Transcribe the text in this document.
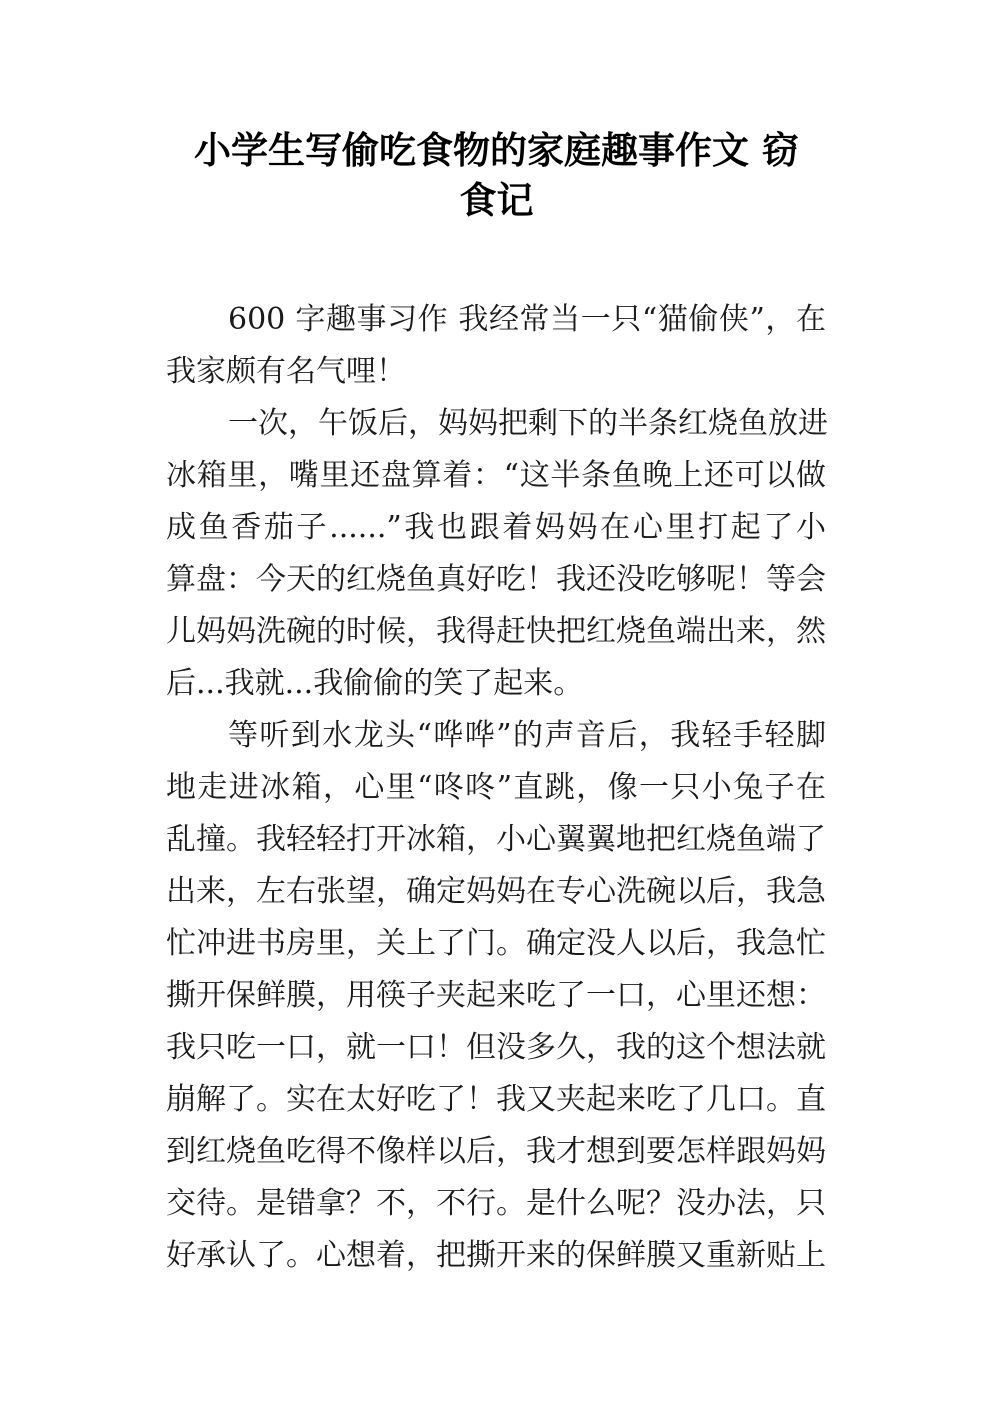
小学生写偷吃食物的家庭趣事作文 窃
食记
600 字趣事习作 我经常当一只“猫偷侠”，在
我家颇有名气哩！
一次，午饭后，妈妈把剩下的半条红烧鱼放进
冰箱里，嘴里还盘算着：“这半条鱼晚上还可以做
成鱼香茄子......”我也跟着妈妈在心里打起了小
算盘：今天的红烧鱼真好吃！我还没吃够呢！等会
儿妈妈洗碗的时候，我得赶快把红烧鱼端出来，然
后...我就...我偷偷的笑了起来。
等听到水龙头“哗哗”的声音后，我轻手轻脚
地走进冰箱，心里“咚咚”直跳，像一只小兔子在
乱撞。我轻轻打开冰箱，小心翼翼地把红烧鱼端了
出来，左右张望，确定妈妈在专心洗碗以后，我急
忙冲进书房里，关上了门。确定没人以后，我急忙
撕开保鲜膜，用筷子夹起来吃了一口，心里还想：
我只吃一口，就一口！但没多久，我的这个想法就
崩解了。实在太好吃了！我又夹起来吃了几口。直
到红烧鱼吃得不像样以后，我才想到要怎样跟妈妈
交待。是错拿？不，不行。是什么呢？没办法，只
好承认了。心想着，把撕开来的保鲜膜又重新贴上
